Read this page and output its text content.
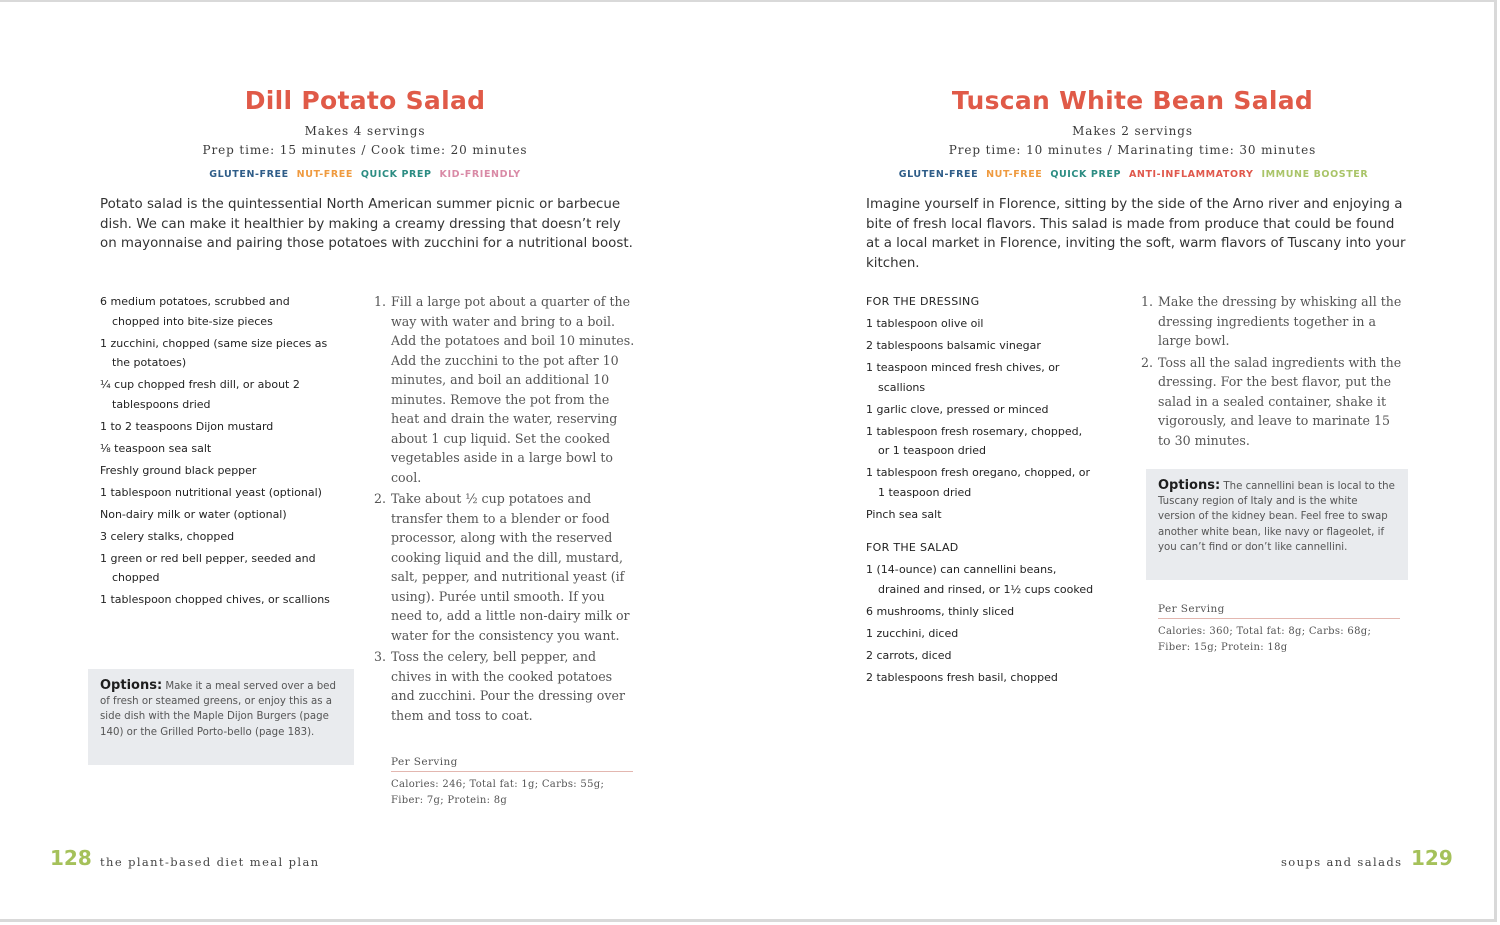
Dill Potato Salad
Makes 4 servings
Prep time: 15 minutes / Cook time: 20 minutes
GLUTEN-FREE NUT-FREE QUICK PREP KID-FRIENDLY
Potato salad is the quintessential North American summer picnic or barbecue dish. We can make it healthier by making a creamy dressing that doesn’t rely on mayonnaise and pairing those potatoes with zucchini for a nutritional boost.
6 medium potatoes, scrubbed and chopped into bite-size pieces
1 zucchini, chopped (same size pieces as the potatoes)
¼ cup chopped fresh dill, or about 2 tablespoons dried
1 to 2 teaspoons Dijon mustard
⅛ teaspoon sea salt
Freshly ground black pepper
1 tablespoon nutritional yeast (optional)
Non-dairy milk or water (optional)
3 celery stalks, chopped
1 green or red bell pepper, seeded and chopped
1 tablespoon chopped chives, or scallions
Options: Make it a meal served over a bed of fresh or steamed greens, or enjoy this as a side dish with the Maple Dijon Burgers (page 140) or the Grilled Porto-bello (page 183).
1. Fill a large pot about a quarter of the way with water and bring to a boil. Add the potatoes and boil 10 minutes. Add the zucchini to the pot after 10 minutes, and boil an additional 10 minutes. Remove the pot from the heat and drain the water, reserving about 1 cup liquid. Set the cooked vegetables aside in a large bowl to cool.
2. Take about ½ cup potatoes and transfer them to a blender or food processor, along with the reserved cooking liquid and the dill, mustard, salt, pepper, and nutritional yeast (if using). Purée until smooth. If you need to, add a little non-dairy milk or water for the consistency you want.
3. Toss the celery, bell pepper, and chives in with the cooked potatoes and zucchini. Pour the dressing over them and toss to coat.
Per Serving
Calories: 246; Total fat: 1g; Carbs: 55g; Fiber: 7g; Protein: 8g
128 the plant-based diet meal plan
Tuscan White Bean Salad
Makes 2 servings
Prep time: 10 minutes / Marinating time: 30 minutes
GLUTEN-FREE NUT-FREE QUICK PREP ANTI-INFLAMMATORY IMMUNE BOOSTER
Imagine yourself in Florence, sitting by the side of the Arno river and enjoying a bite of fresh local flavors. This salad is made from produce that could be found at a local market in Florence, inviting the soft, warm flavors of Tuscany into your kitchen.
FOR THE DRESSING
1 tablespoon olive oil
2 tablespoons balsamic vinegar
1 teaspoon minced fresh chives, or scallions
1 garlic clove, pressed or minced
1 tablespoon fresh rosemary, chopped, or 1 teaspoon dried
1 tablespoon fresh oregano, chopped, or 1 teaspoon dried
Pinch sea salt
FOR THE SALAD
1 (14-ounce) can cannellini beans, drained and rinsed, or 1½ cups cooked
6 mushrooms, thinly sliced
1 zucchini, diced
2 carrots, diced
2 tablespoons fresh basil, chopped
1. Make the dressing by whisking all the dressing ingredients together in a large bowl.
2. Toss all the salad ingredients with the dressing. For the best flavor, put the salad in a sealed container, shake it vigorously, and leave to marinate 15 to 30 minutes.
Options: The cannellini bean is local to the Tuscany region of Italy and is the white version of the kidney bean. Feel free to swap another white bean, like navy or flageolet, if you can’t find or don’t like cannellini.
Per Serving
Calories: 360; Total fat: 8g; Carbs: 68g; Fiber: 15g; Protein: 18g
soups and salads 129
